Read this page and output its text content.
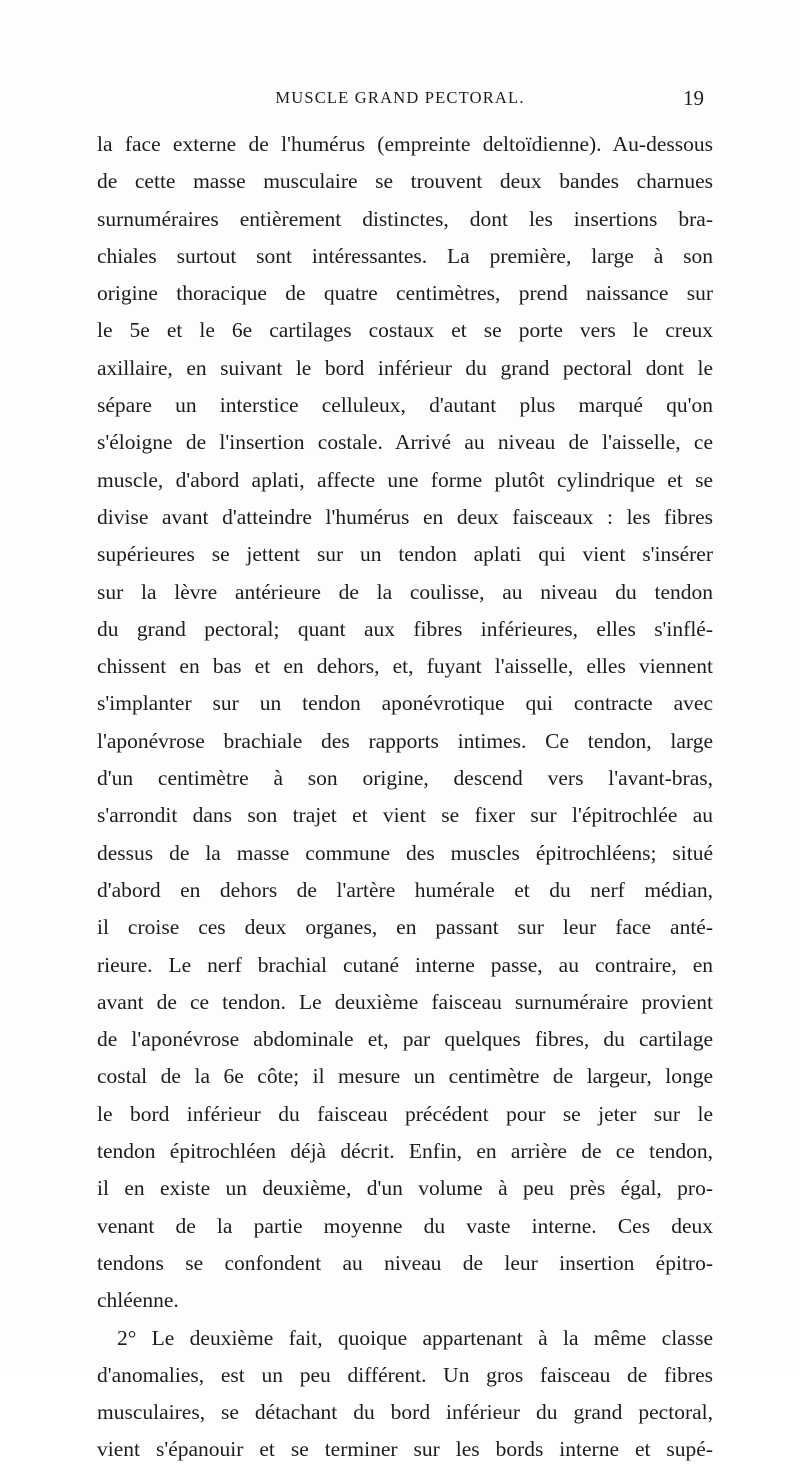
MUSCLE GRAND PECTORAL.	19
la face externe de l'humérus (empreinte deltoïdienne). Au-dessous
de cette masse musculaire se trouvent deux bandes charnues
surnuméraires entièrement distinctes, dont les insertions bra-
chiales surtout sont intéressantes. La première, large à son
origine thoracique de quatre centimètres, prend naissance sur
le 5e et le 6e cartilages costaux et se porte vers le creux
axillaire, en suivant le bord inférieur du grand pectoral dont le
sépare un interstice celluleux, d'autant plus marqué qu'on
s'éloigne de l'insertion costale. Arrivé au niveau de l'aisselle, ce
muscle, d'abord aplati, affecte une forme plutôt cylindrique et se
divise avant d'atteindre l'humérus en deux faisceaux : les fibres
supérieures se jettent sur un tendon aplati qui vient s'insérer
sur la lèvre antérieure de la coulisse, au niveau du tendon
du grand pectoral; quant aux fibres inférieures, elles s'inflé-
chissent en bas et en dehors, et, fuyant l'aisselle, elles viennent
s'implanter sur un tendon aponévrotique qui contracte avec
l'aponévrose brachiale des rapports intimes. Ce tendon, large
d'un centimètre à son origine, descend vers l'avant-bras,
s'arrondit dans son trajet et vient se fixer sur l'épitrochlée au
dessus de la masse commune des muscles épitrochléens; situé
d'abord en dehors de l'artère humérale et du nerf médian,
il croise ces deux organes, en passant sur leur face anté-
rieure. Le nerf brachial cutané interne passe, au contraire, en
avant de ce tendon. Le deuxième faisceau surnuméraire provient
de l'aponévrose abdominale et, par quelques fibres, du cartilage
costal de la 6e côte; il mesure un centimètre de largeur, longe
le bord inférieur du faisceau précédent pour se jeter sur le
tendon épitrochléen déjà décrit. Enfin, en arrière de ce tendon,
il en existe un deuxième, d'un volume à peu près égal, pro-
venant de la partie moyenne du vaste interne. Ces deux
tendons se confondent au niveau de leur insertion épitro-
chléenne.
2° Le deuxième fait, quoique appartenant à la même classe
d'anomalies, est un peu différent. Un gros faisceau de fibres
musculaires, se détachant du bord inférieur du grand pectoral,
vient s'épanouir et se terminer sur les bords interne et supé-
